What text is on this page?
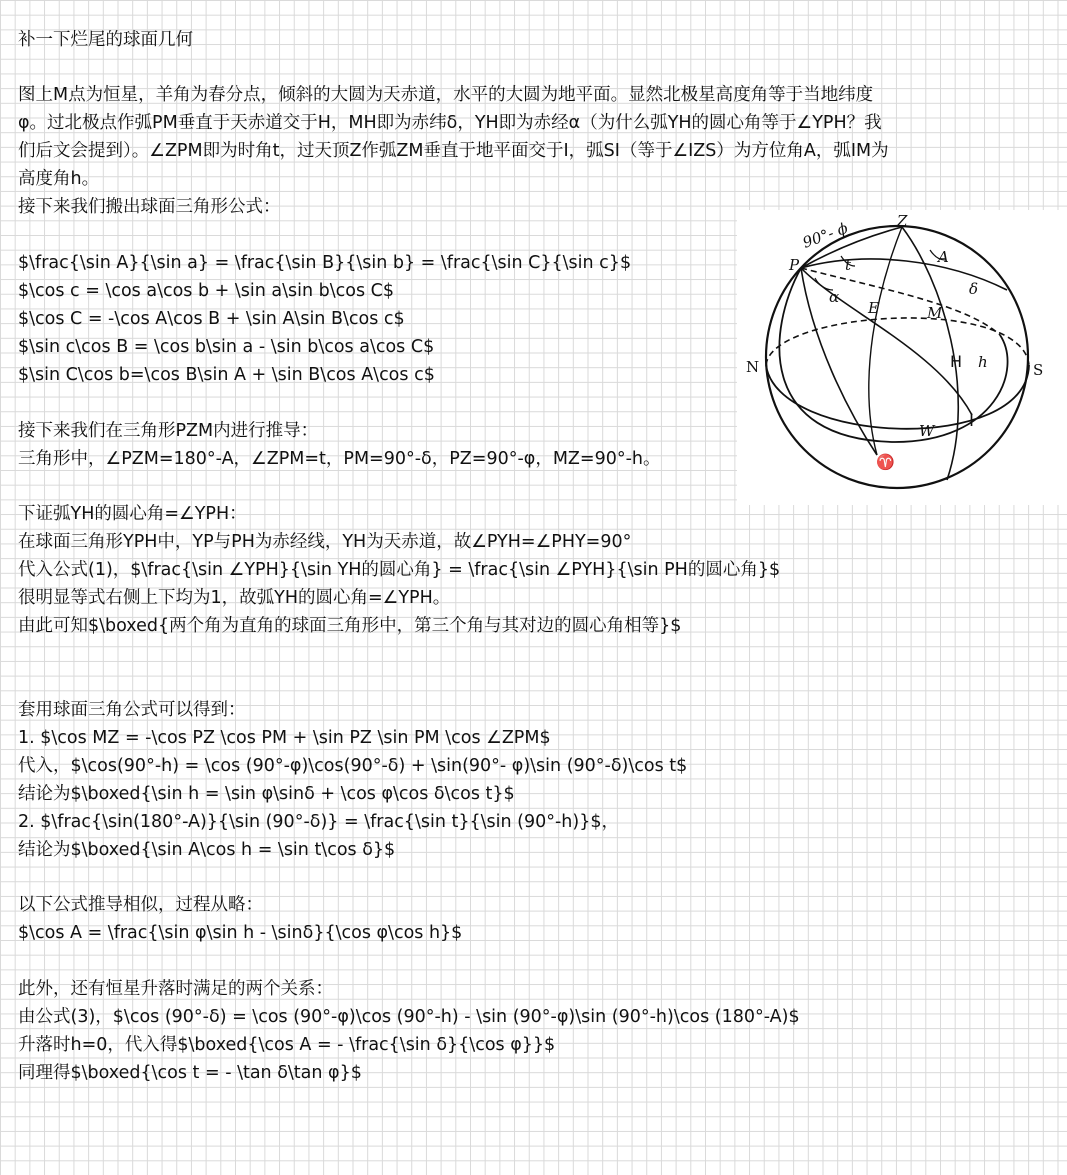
补一下烂尾的球面几何
图上M点为恒星，羊角为春分点，倾斜的大圆为天赤道，水平的大圆为地平面。显然北极星高度角等于当地纬度
φ。过北极点作弧PM垂直于天赤道交于H，MH即为赤纬δ，YH即为赤经α（为什么弧YH的圆心角等于∠YPH？我
们后文会提到）。∠ZPM即为时角t，过天顶Z作弧ZM垂直于地平面交于I，弧SI（等于∠IZS）为方位角A，弧IM为
高度角h。
接下来我们搬出球面三角形公式：
$\frac{\sin A}{\sin a} = \frac{\sin B}{\sin b} = \frac{\sin C}{\sin c}$
$\cos c = \cos a\cos b + \sin a\sin b\cos C$
$\cos C = -\cos A\cos B + \sin A\sin B\cos c$
$\sin c\cos B = \cos b\sin a - \sin b\cos a\cos C$
$\sin C\cos b=\cos B\sin A + \sin B\cos A\cos c$
接下来我们在三角形PZM内进行推导：
三角形中，∠PZM=180°-A，∠ZPM=t，PM=90°-δ，PZ=90°-φ，MZ=90°-h。
下证弧YH的圆心角=∠YPH：
在球面三角形YPH中，YP与PH为赤经线，YH为天赤道，故∠PYH=∠PHY=90°
代入公式(1)，$\frac{\sin ∠YPH}{\sin YH的圆心角} = \frac{\sin ∠PYH}{\sin PH的圆心角}$
很明显等式右侧上下均为1，故弧YH的圆心角=∠YPH。
由此可知$\boxed{两个角为直角的球面三角形中，第三个角与其对边的圆心角相等}$
套用球面三角公式可以得到：
1. $\cos MZ = -\cos PZ \cos PM + \sin PZ \sin PM \cos ∠ZPM$
代入，$\cos(90°-h) = \cos (90°-φ)\cos(90°-δ) + \sin(90°- φ)\sin (90°-δ)\cos t$
结论为$\boxed{\sin h = \sin φ\sinδ + \cos φ\cos δ\cos t}$
2. $\frac{\sin(180°-A)}{\sin (90°-δ)} = \frac{\sin t}{\sin (90°-h)}$，
结论为$\boxed{\sin A\cos h = \sin t\cos δ}$
以下公式推导相似，过程从略：
$\cos A = \frac{\sin φ\sin h - \sinδ}{\cos φ\cos h}$
此外，还有恒星升落时满足的两个关系：
由公式(3)，$\cos (90°-δ) = \cos (90°-φ)\cos (90°-h) - \sin (90°-φ)\sin (90°-h)\cos (180°-A)$
升落时h=0，代入得$\boxed{\cos A = - \frac{\sin δ}{\cos φ}}$
同理得$\boxed{\cos t = - \tan δ\tan φ}$
Z
P
90°- ϕ
t	A
δ
α
E	M
N	H h	S
I
W
♈
